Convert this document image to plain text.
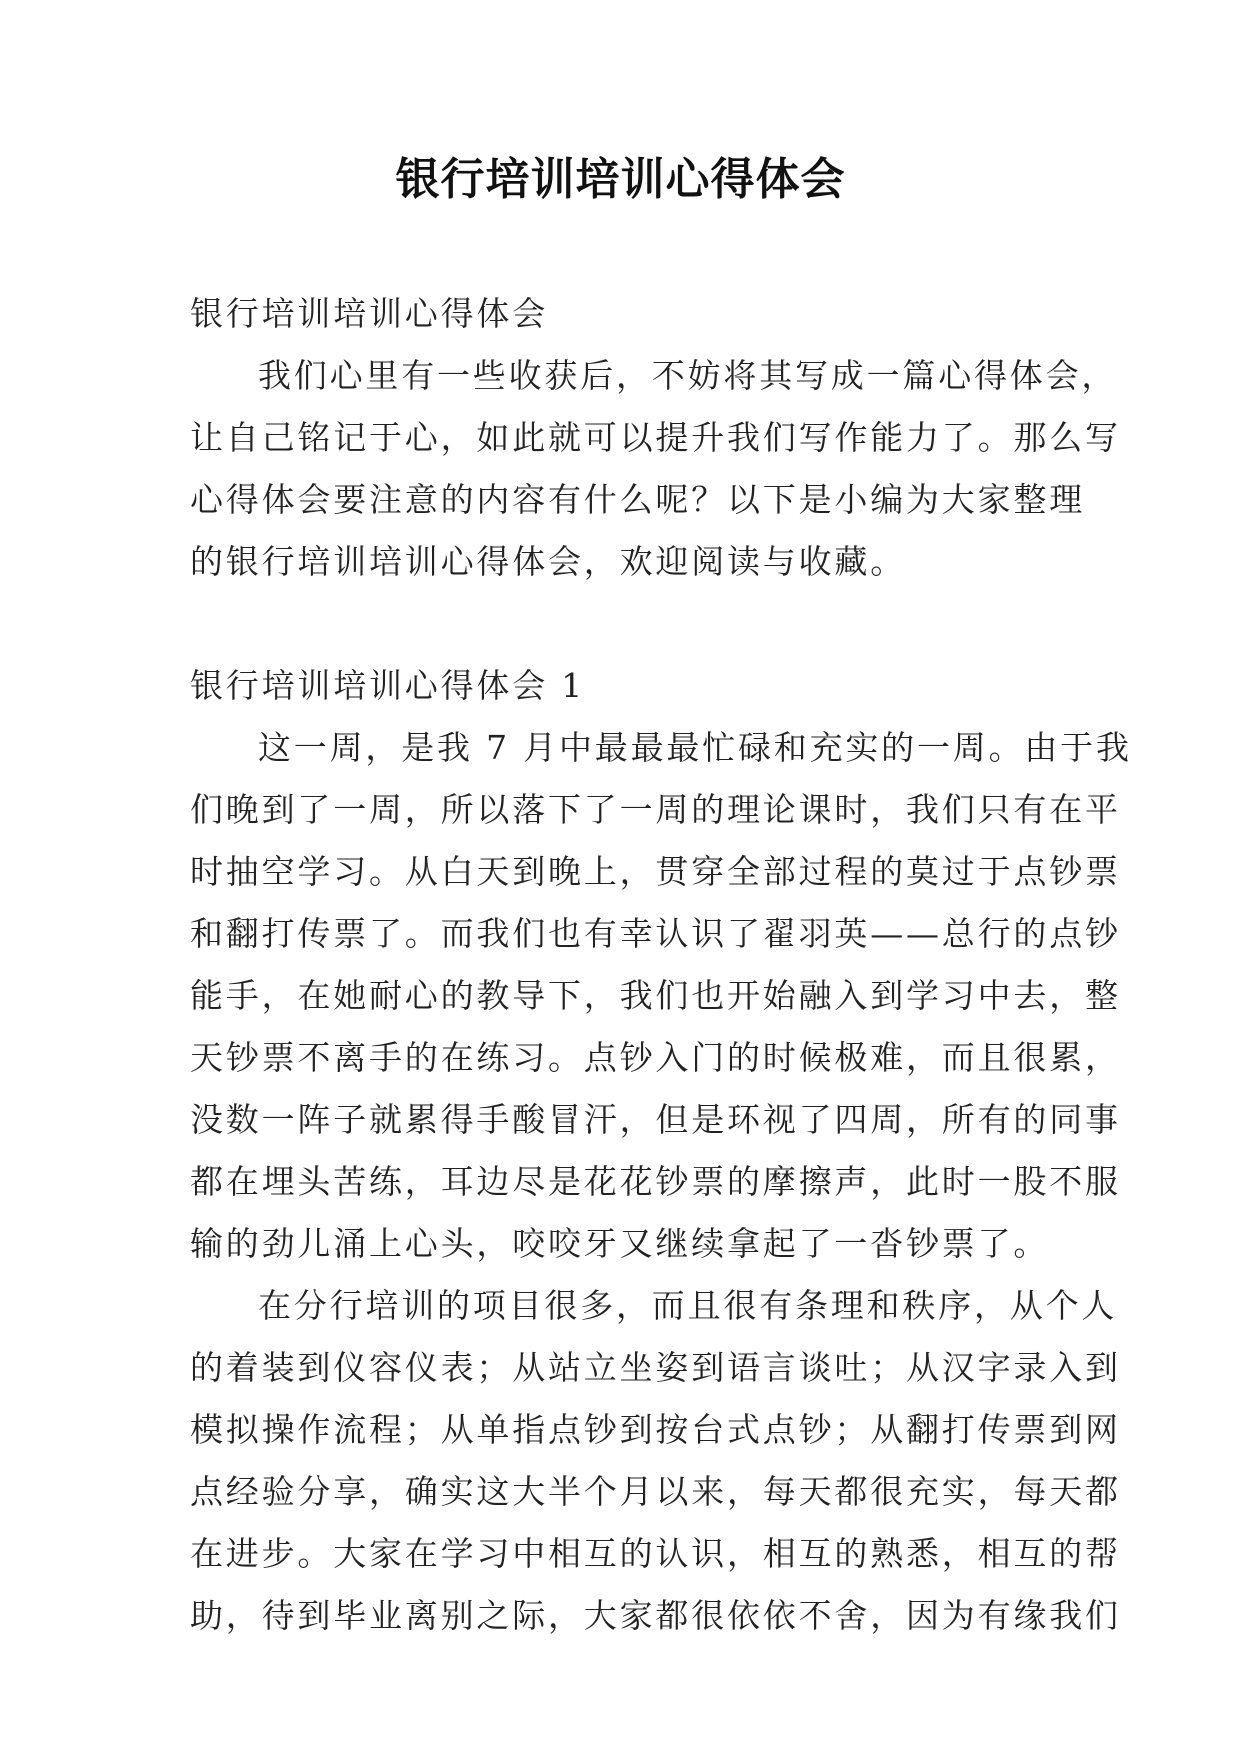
银行培训培训心得体会
银行培训培训心得体会
我们心里有一些收获后，不妨将其写成一篇心得体会，
让自己铭记于心，如此就可以提升我们写作能力了。那么写
心得体会要注意的内容有什么呢？以下是小编为大家整理
的银行培训培训心得体会，欢迎阅读与收藏。
银行培训培训心得体会 1
这一周，是我 7 月中最最最忙碌和充实的一周。由于我
们晚到了一周，所以落下了一周的理论课时，我们只有在平
时抽空学习。从白天到晚上，贯穿全部过程的莫过于点钞票
和翻打传票了。而我们也有幸认识了翟羽英——总行的点钞
能手，在她耐心的教导下，我们也开始融入到学习中去，整
天钞票不离手的在练习。点钞入门的时候极难，而且很累，
没数一阵子就累得手酸冒汗，但是环视了四周，所有的同事
都在埋头苦练，耳边尽是花花钞票的摩擦声，此时一股不服
输的劲儿涌上心头，咬咬牙又继续拿起了一沓钞票了。
在分行培训的项目很多，而且很有条理和秩序，从个人
的着装到仪容仪表；从站立坐姿到语言谈吐；从汉字录入到
模拟操作流程；从单指点钞到按台式点钞；从翻打传票到网
点经验分享，确实这大半个月以来，每天都很充实，每天都
在进步。大家在学习中相互的认识，相互的熟悉，相互的帮
助，待到毕业离别之际，大家都很依依不舍，因为有缘我们
